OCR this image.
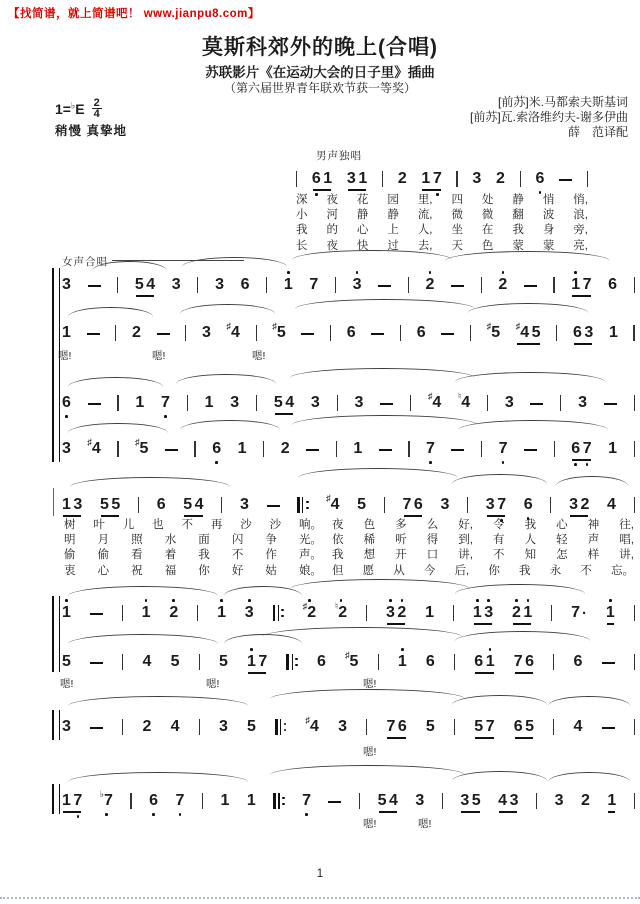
【找简谱，就上简谱吧！ www.jianpu8.com】
莫斯科郊外的晚上(合唱)
苏联影片《在运动大会的日子里》插曲
（第六届世界青年联欢节获一等奖）
1=♭E 2
4
稍慢 真挚地
[前苏]米.马都索夫斯基词
[前苏]瓦.索洛维约夫-谢多伊曲
薛　范译配
男声独唱
6 1 3 1 2 1 7 3 2 6
深 夜 花 园 里, 四 处 静 悄 悄,
小 河 静 静 流, 微 微 翻 波 浪,
我 的 心 上 人, 坐 在 我 身 旁,
长 夜 快 过 去, 天 色 蒙 蒙 亮,
女声合唱
3	5 4 3 3 6 1 7 3	2	2	1 7 6
1	2	3 ♯ 4	♯ 5	6	6	♯ 5 ♯ 4 5 6 3 1
嗯!	嗯!	嗯!
6	1 7 1 3 5 4 3 3	♯ 4 ♮ 4 3	3
3 ♯ 4	♯ 5	6 1 2	1	7	7	6 7 1
1 3 5 5 6 5 4 3	♯ 4 5 7 6 3 3 7 6 3 2 4
树 叶 儿 也 不 再 沙 沙 响。
明 月 照 水 面 闪 争 光。
偷 偷 看 着 我 不 作 声。
衷 心 祝 福 你 好 姑 娘。
夜 色 多 么 好, 令 我 心 神 往,
依 稀 听 得 到, 有 人 轻 声 唱,
我 想 开 口 讲, 不 知 怎 样 讲,
但 愿 从 今 后, 你 我 永 不 忘。
1	1 2 1 3	♯ 2 ♮ 2 3 2 1 1 3 2 1 7 · 1
5	4 5 5 1 7	6 ♯ 5 1 6 6 1 7 6 6
嗯!	嗯!	嗯!
3	2 4 3 5	♯ 4 3 7 6 5 5 7 6 5 4
嗯!
1 7 ♭ 7 6 7 1 1	7	5 4 3 3 5 4 3 3 2 1
嗯!	嗯!
1
